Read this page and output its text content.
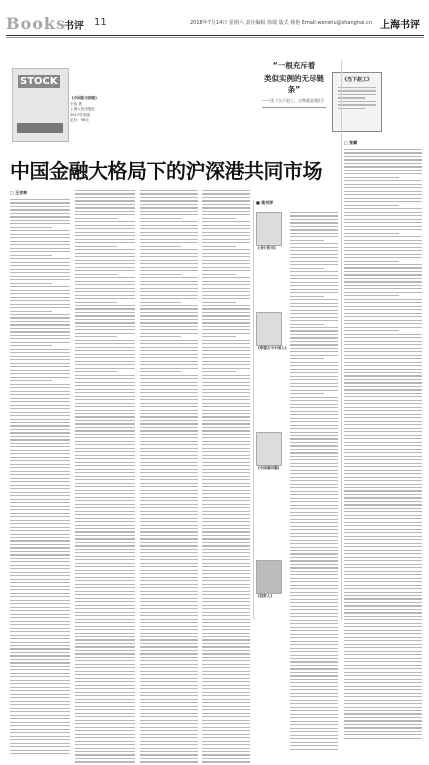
Books
书评 11	2018年7月14日 星期六 责任编辑 徐瑞 版式 杨艳 Email:wenshu@shanghai.cn 上海书评
STOCK
《中国股市探秘》
王伟 著
上海人民出版社
2017年出版
定价：58元
中国金融大格局下的沪深港共同市场
“一根充斥着
类似实例的无尽链条”
——读《当下赵工、万物就是我们》
《当下赵工》
□ 王吉林
■ 读书评
《书中的书》
《穿越古今中国人》
《中国诸问题》
《投资人》
□ 张霖
